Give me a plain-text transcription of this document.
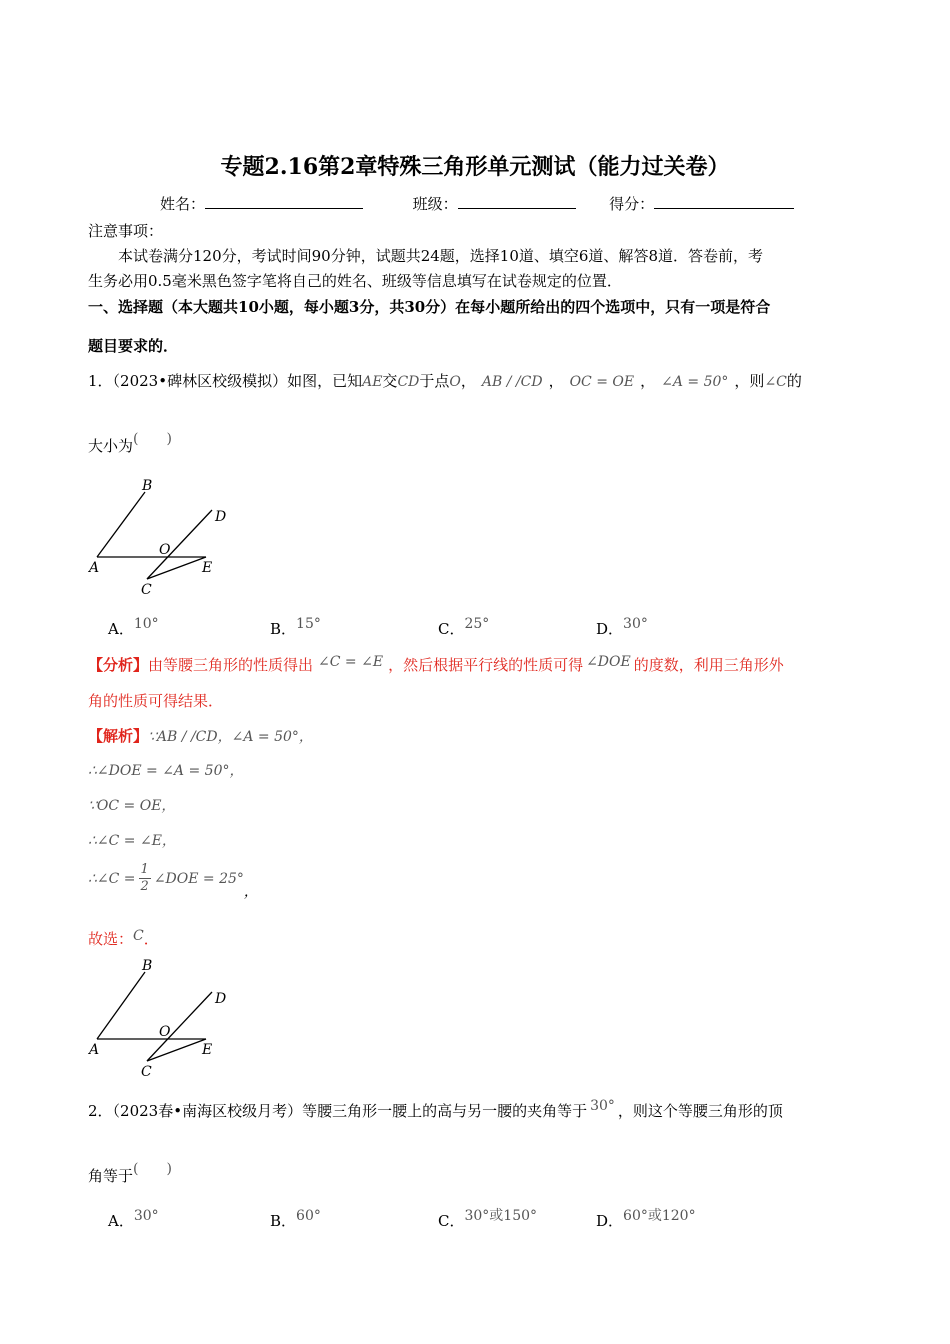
专题2.16第2章特殊三角形单元测试（能力过关卷）
姓名：	班级：	得分：
注意事项：
本试卷满分120分，考试时间90分钟，试题共24题，选择10道、填空6道、解答8道．答卷前，考
生务必用0.5毫米黑色签字笔将自己的姓名、班级等信息填写在试卷规定的位置．
一、选择题（本大题共10小题，每小题3分，共30分）在每小题所给出的四个选项中，只有一项是符合
题目要求的．
1．（2023•碑林区校级模拟）如图，已知AE交CD于点O， AB / /CD ， OC = OE ， ∠A = 50° ，则∠C的
大小为(　　)
B
D
O
A	E
C
A．10°	B．15°	C．25°	D．30°
【分析】由等腰三角形的性质得出 ∠C = ∠E ，然后根据平行线的性质可得 ∠DOE 的度数，利用三角形外
角的性质可得结果．
【解析】∵AB / /CD，∠A = 50°，
∴∠DOE = ∠A = 50°，
∵OC = OE，
∴∠C = ∠E，
∴∠C = $\frac{1}{2}$ ∠DOE = 25°
，
故选：C．
B
D
O
A	E
C
2．（2023春•南海区校级月考）等腰三角形一腰上的高与另一腰的夹角等于 30° ，则这个等腰三角形的顶
角等于(　　)
A．30°	B．60°	C．30°或150°	D．60°或120°
